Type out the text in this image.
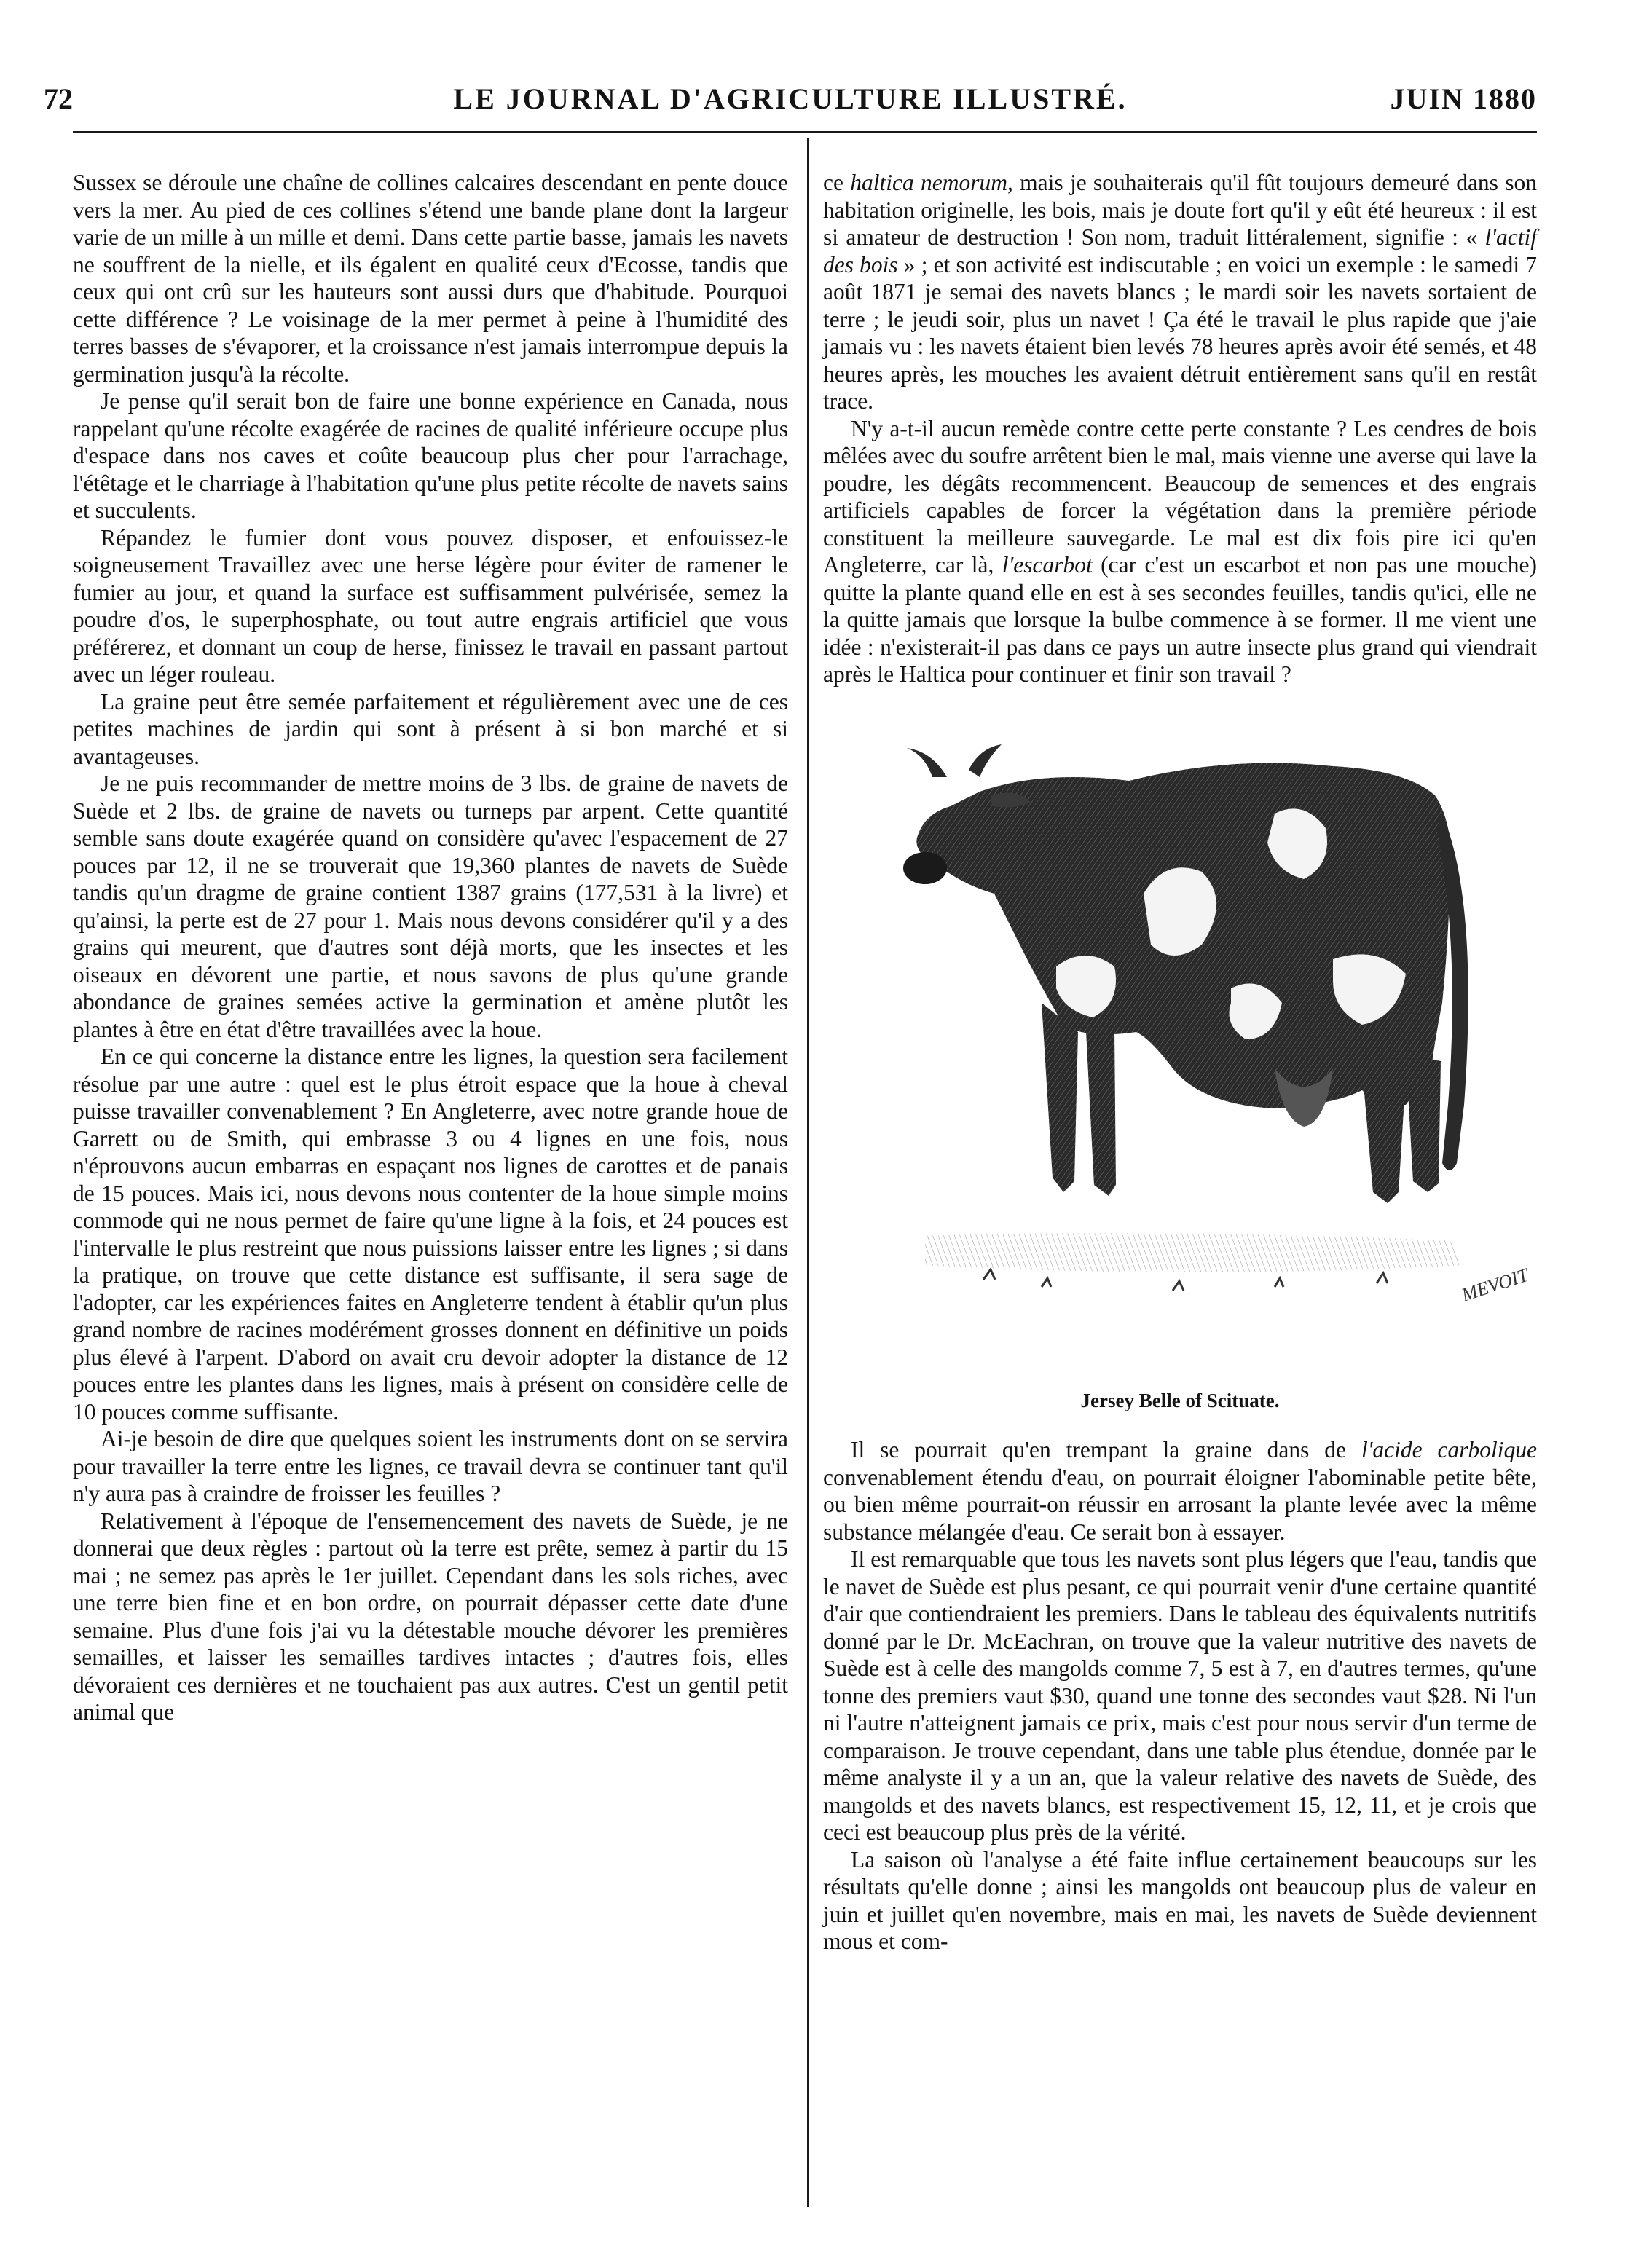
72	LE JOURNAL D'AGRICULTURE ILLUSTRÉ.	JUIN 1880

Sussex se déroule une chaîne de collines calcaires descendant en pente douce vers la mer. Au pied de ces collines s'étend une bande plane dont la largeur varie de un mille à un mille et demi. Dans cette partie basse, jamais les navets ne souffrent de la nielle, et ils égalent en qualité ceux d'Ecosse, tandis que ceux qui ont crû sur les hauteurs sont aussi durs que d'habitude. Pourquoi cette différence ? Le voisinage de la mer permet à peine à l'humidité des terres basses de s'évaporer, et la croissance n'est jamais interrompue depuis la germination jusqu'à la récolte.

Je pense qu'il serait bon de faire une bonne expérience en Canada, nous rappelant qu'une récolte exagérée de racines de qualité inférieure occupe plus d'espace dans nos caves et coûte beaucoup plus cher pour l'arrachage, l'étêtage et le charriage à l'habitation qu'une plus petite récolte de navets sains et succulents.

Répandez le fumier dont vous pouvez disposer, et enfouissez-le soigneusement Travaillez avec une herse légère pour éviter de ramener le fumier au jour, et quand la surface est suffisamment pulvérisée, semez la poudre d'os, le superphosphate, ou tout autre engrais artificiel que vous préférerez, et donnant un coup de herse, finissez le travail en passant partout avec un léger rouleau.

La graine peut être semée parfaitement et régulièrement avec une de ces petites machines de jardin qui sont à présent à si bon marché et si avantageuses.

Je ne puis recommander de mettre moins de 3 lbs. de graine de navets de Suède et 2 lbs. de graine de navets ou turneps par arpent. Cette quantité semble sans doute exagérée quand on considère qu'avec l'espacement de 27 pouces par 12, il ne se trouverait que 19,360 plantes de navets de Suède tandis qu'un dragme de graine contient 1387 grains (177,531 à la livre) et qu'ainsi, la perte est de 27 pour 1. Mais nous devons considérer qu'il y a des grains qui meurent, que d'autres sont déjà morts, que les insectes et les oiseaux en dévorent une partie, et nous savons de plus qu'une grande abondance de graines semées active la germination et amène plutôt les plantes à être en état d'être travaillées avec la houe.

En ce qui concerne la distance entre les lignes, la question sera facilement résolue par une autre : quel est le plus étroit espace que la houe à cheval puisse travailler convenablement ? En Angleterre, avec notre grande houe de Garrett ou de Smith, qui embrasse 3 ou 4 lignes en une fois, nous n'éprouvons aucun embarras en espaçant nos lignes de carottes et de panais de 15 pouces. Mais ici, nous devons nous contenter de la houe simple moins commode qui ne nous permet de faire qu'une ligne à la fois, et 24 pouces est l'intervalle le plus restreint que nous puissions laisser entre les lignes ; si dans la pratique, on trouve que cette distance est suffisante, il sera sage de l'adopter, car les expériences faites en Angleterre tendent à établir qu'un plus grand nombre de racines modérément grosses donnent en définitive un poids plus élevé à l'arpent. D'abord on avait cru devoir adopter la distance de 12 pouces entre les plantes dans les lignes, mais à présent on considère celle de 10 pouces comme suffisante.

Ai-je besoin de dire que quelques soient les instruments dont on se servira pour travailler la terre entre les lignes, ce travail devra se continuer tant qu'il n'y aura pas à craindre de froisser les feuilles ?

Relativement à l'époque de l'ensemencement des navets de Suède, je ne donnerai que deux règles : partout où la terre est prête, semez à partir du 15 mai ; ne semez pas après le 1er juillet. Cependant dans les sols riches, avec une terre bien fine et en bon ordre, on pourrait dépasser cette date d'une semaine. Plus d'une fois j'ai vu la détestable mouche dévorer les premières semailles, et laisser les semailles tardives intactes ; d'autres fois, elles dévoraient ces dernières et ne touchaient pas aux autres. C'est un gentil petit animal que

ce haltica nemorum, mais je souhaiterais qu'il fût toujours demeuré dans son habitation originelle, les bois, mais je doute fort qu'il y eût été heureux : il est si amateur de destruction ! Son nom, traduit littéralement, signifie : « l'actif des bois » ; et son activité est indiscutable ; en voici un exemple : le samedi 7 août 1871 je semai des navets blancs ; le mardi soir les navets sortaient de terre ; le jeudi soir, plus un navet ! Ça été le travail le plus rapide que j'aie jamais vu : les navets étaient bien levés 78 heures après avoir été semés, et 48 heures après, les mouches les avaient détruit entièrement sans qu'il en restât trace.

N'y a-t-il aucun remède contre cette perte constante ? Les cendres de bois mêlées avec du soufre arrêtent bien le mal, mais vienne une averse qui lave la poudre, les dégâts recommencent. Beaucoup de semences et des engrais artificiels capables de forcer la végétation dans la première période constituent la meilleure sauvegarde. Le mal est dix fois pire ici qu'en Angleterre, car là, l'escarbot (car c'est un escarbot et non pas une mouche) quitte la plante quand elle en est à ses secondes feuilles, tandis qu'ici, elle ne la quitte jamais que lorsque la bulbe commence à se former. Il me vient une idée : n'existerait-il pas dans ce pays un autre insecte plus grand qui viendrait après le Haltica pour continuer et finir son travail ?

MEVOIT
Jersey Belle of Scituate.

Il se pourrait qu'en trempant la graine dans de l'acide carbolique convenablement étendu d'eau, on pourrait éloigner l'abominable petite bête, ou bien même pourrait-on réussir en arrosant la plante levée avec la même substance mélangée d'eau. Ce serait bon à essayer.

Il est remarquable que tous les navets sont plus légers que l'eau, tandis que le navet de Suède est plus pesant, ce qui pourrait venir d'une certaine quantité d'air que contiendraient les premiers. Dans le tableau des équivalents nutritifs donné par le Dr. McEachran, on trouve que la valeur nutritive des navets de Suède est à celle des mangolds comme 7, 5 est à 7, en d'autres termes, qu'une tonne des premiers vaut $30, quand une tonne des secondes vaut $28. Ni l'un ni l'autre n'atteignent jamais ce prix, mais c'est pour nous servir d'un terme de comparaison. Je trouve cependant, dans une table plus étendue, donnée par le même analyste il y a un an, que la valeur relative des navets de Suède, des mangolds et des navets blancs, est respectivement 15, 12, 11, et je crois que ceci est beaucoup plus près de la vérité.

La saison où l'analyse a été faite influe certainement beaucoups sur les résultats qu'elle donne ; ainsi les mangolds ont beaucoup plus de valeur en juin et juillet qu'en novembre, mais en mai, les navets de Suède deviennent mous et com-
